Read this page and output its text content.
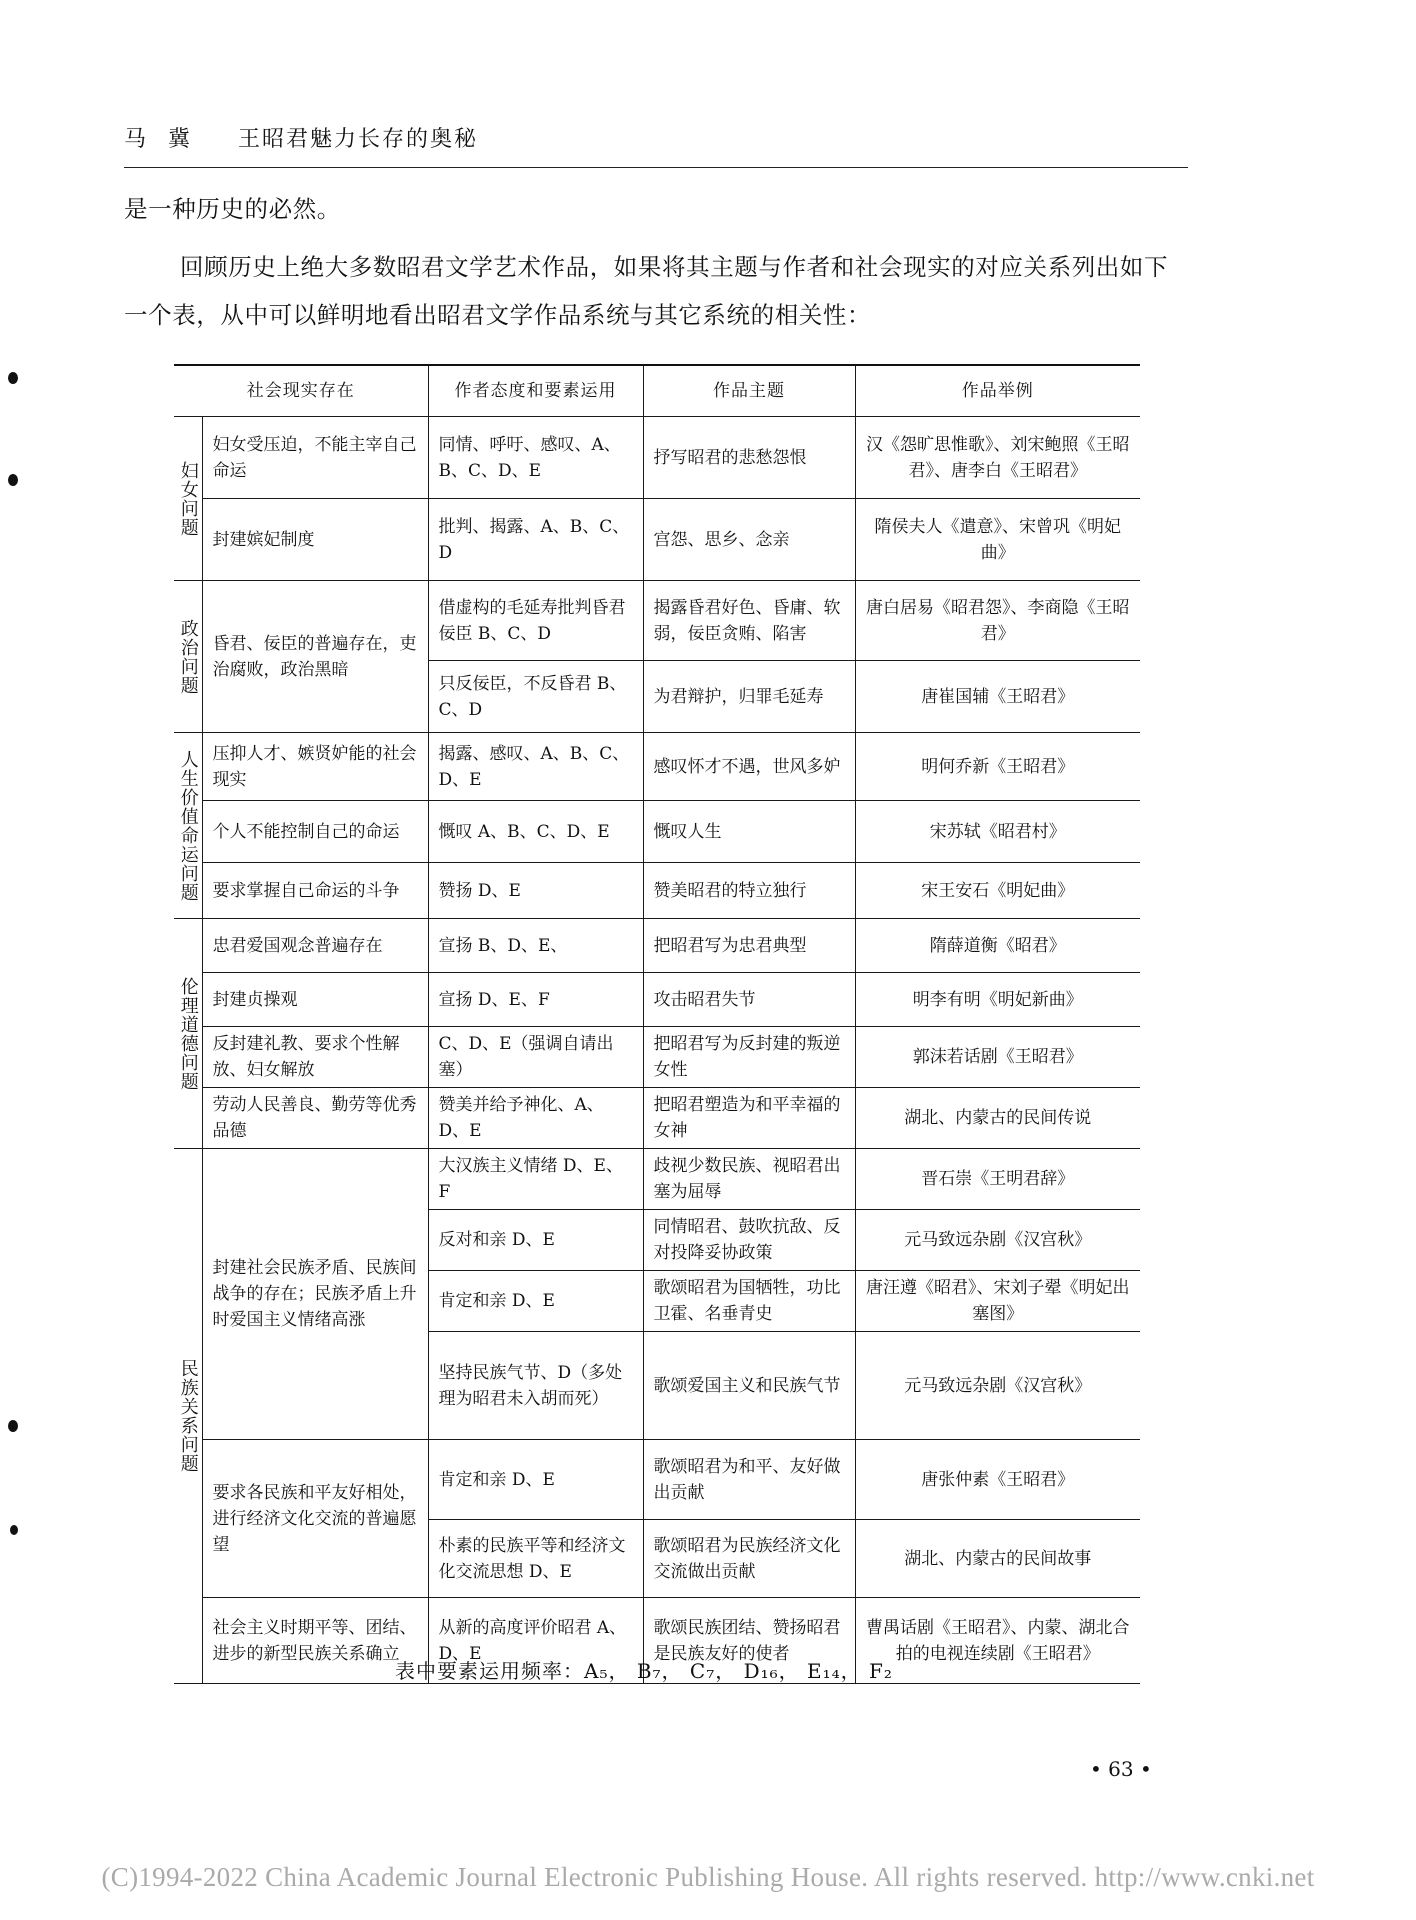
马冀 王昭君魅力长存的奥秘
是一种历史的必然。
回顾历史上绝大多数昭君文学艺术作品，如果将其主题与作者和社会现实的对应关系列出如下一个表，从中可以鲜明地看出昭君文学作品系统与其它系统的相关性：
社会现实存在		作者态度和要素运用	作品主题	作品举例
妇女问题	妇女受压迫，不能主宰自己命运	同情、呼吁、感叹、A、B、C、D、E	抒写昭君的悲愁怨恨	汉《怨旷思惟歌》、刘宋鲍照《王昭君》、唐李白《王昭君》
	封建嫔妃制度	批判、揭露、A、B、C、D	宫怨、思乡、念亲	隋侯夫人《遣意》、宋曾巩《明妃曲》
政治问题	昏君、佞臣的普遍存在，吏治腐败，政治黑暗	借虚构的毛延寿批判昏君佞臣 B、C、D	揭露昏君好色、昏庸、软弱，佞臣贪贿、陷害	唐白居易《昭君怨》、李商隐《王昭君》
		只反佞臣，不反昏君 B、C、D	为君辩护，归罪毛延寿	唐崔国辅《王昭君》
人生价值命运问题	压抑人才、嫉贤妒能的社会现实	揭露、感叹、A、B、C、D、E	感叹怀才不遇，世风多妒	明何乔新《王昭君》
	个人不能控制自己的命运	慨叹 A、B、C、D、E	慨叹人生	宋苏轼《昭君村》
	要求掌握自己命运的斗争	赞扬 D、E	赞美昭君的特立独行	宋王安石《明妃曲》
伦理道德问题	忠君爱国观念普遍存在	宣扬 B、D、E、	把昭君写为忠君典型	隋薛道衡《昭君》
	封建贞操观	宣扬 D、E、F	攻击昭君失节	明李有明《明妃新曲》
	反封建礼教、要求个性解放、妇女解放	C、D、E（强调自请出塞）	把昭君写为反封建的叛逆女性	郭沫若话剧《王昭君》
	劳动人民善良、勤劳等优秀品德	赞美并给予神化、A、D、E	把昭君塑造为和平幸福的女神	湖北、内蒙古的民间传说
民族关系问题	封建社会民族矛盾、民族间战争的存在；民族矛盾上升时爱国主义情绪高涨	大汉族主义情绪 D、E、F	歧视少数民族、视昭君出塞为屈辱	晋石崇《王明君辞》
		反对和亲 D、E	同情昭君、鼓吹抗敌、反对投降妥协政策	元马致远杂剧《汉宫秋》
		肯定和亲 D、E	歌颂昭君为国牺牲，功比卫霍、名垂青史	唐汪遵《昭君》、宋刘子翚《明妃出塞图》
		坚持民族气节、D（多处理为昭君未入胡而死）	歌颂爱国主义和民族气节	元马致远杂剧《汉宫秋》
	要求各民族和平友好相处，进行经济文化交流的普遍愿望	肯定和亲 D、E	歌颂昭君为和平、友好做出贡献	唐张仲素《王昭君》
		朴素的民族平等和经济文化交流思想 D、E	歌颂昭君为民族经济文化交流做出贡献	湖北、内蒙古的民间故事
	社会主义时期平等、团结、进步的新型民族关系确立	从新的高度评价昭君 A、D、E	歌颂民族团结、赞扬昭君是民族友好的使者	曹禺话剧《王昭君》、内蒙、湖北合拍的电视连续剧《王昭君》
表中要素运用频率：A₅， B₇， C₇， D₁₆， E₁₄， F₂
• 63 •
(C)1994-2022 China Academic Journal Electronic Publishing House. All rights reserved. http://www.cnki.net
